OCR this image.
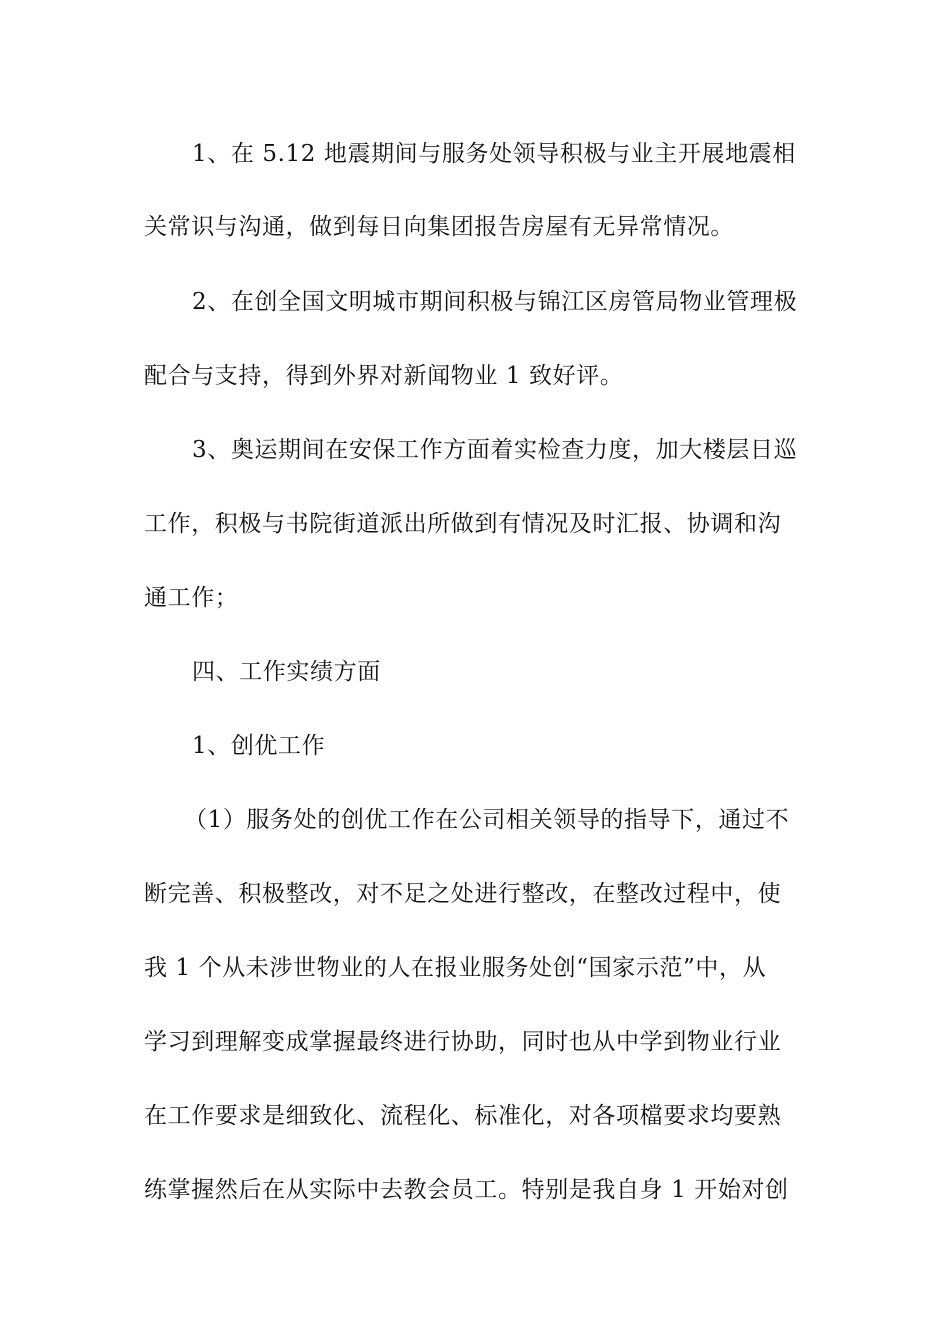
1、在 5.12 地震期间与服务处领导积极与业主开展地震相
关常识与沟通，做到每日向集团报告房屋有无异常情况。
2、在创全国文明城市期间积极与锦江区房管局物业管理极
配合与支持，得到外界对新闻物业 1 致好评。
3、奥运期间在安保工作方面着实检查力度，加大楼层日巡
工作，积极与书院街道派出所做到有情况及时汇报、协调和沟
通工作；
四、工作实绩方面
1、创优工作
（1）服务处的创优工作在公司相关领导的指导下，通过不
断完善、积极整改，对不足之处进行整改，在整改过程中，使
我 1 个从未涉世物业的人在报业服务处创“国家示范”中，从
学习到理解变成掌握最终进行协助，同时也从中学到物业行业
在工作要求是细致化、流程化、标准化，对各项檔要求均要熟
练掌握然后在从实际中去教会员工。特别是我自身 1 开始对创
